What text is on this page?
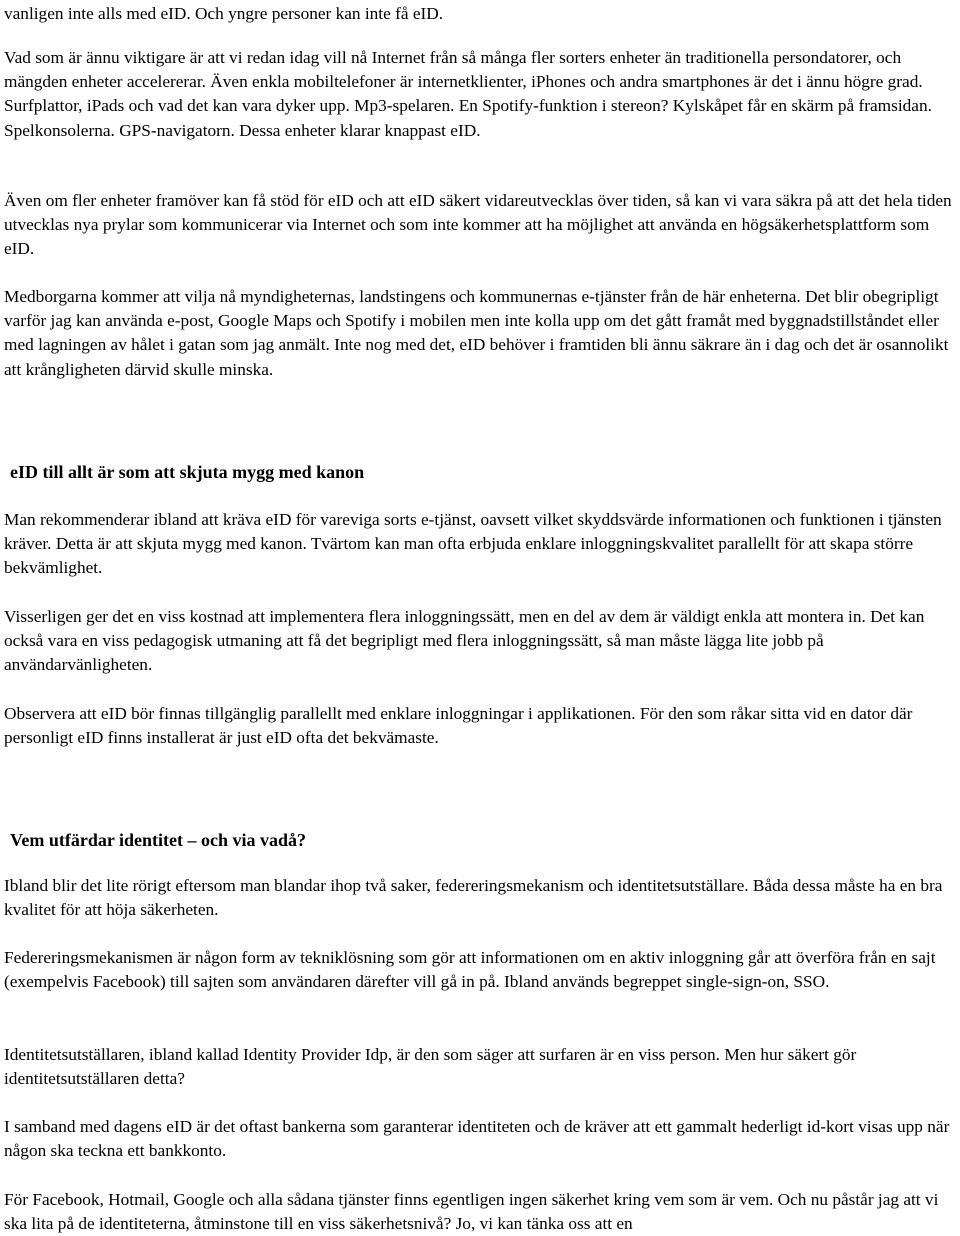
vanligen inte alls med eID. Och yngre personer kan inte få eID.

Vad som är ännu viktigare är att vi redan idag vill nå Internet från så många fler sorters enheter än traditionella persondatorer, och mängden enheter accelererar. Även enkla mobiltelefoner är internetklienter, iPhones och andra smartphones är det i ännu högre grad. Surfplattor, iPads och vad det kan vara dyker upp. Mp3-spelaren. En Spotify-funktion i stereon? Kylskåpet får en skärm på framsidan. Spelkonsolerna. GPS-navigatorn. Dessa enheter klarar knappast eID.

Även om fler enheter framöver kan få stöd för eID och att eID säkert vidareutvecklas över tiden, så kan vi vara säkra på att det hela tiden utvecklas nya prylar som kommunicerar via Internet och som inte kommer att ha möjlighet att använda en högsäkerhetsplattform som eID.

Medborgarna kommer att vilja nå myndigheternas, landstingens och kommunernas e-tjänster från de här enheterna. Det blir obegripligt varför jag kan använda e-post, Google Maps och Spotify i mobilen men inte kolla upp om det gått framåt med byggnadstillståndet eller med lagningen av hålet i gatan som jag anmält. Inte nog med det, eID behöver i framtiden bli ännu säkrare än i dag och det är osannolikt att krångligheten därvid skulle minska.

eID till allt är som att skjuta mygg med kanon

Man rekommenderar ibland att kräva eID för vareviga sorts e-tjänst, oavsett vilket skyddsvärde informationen och funktionen i tjänsten kräver. Detta är att skjuta mygg med kanon. Tvärtom kan man ofta erbjuda enklare inloggningskvalitet parallellt för att skapa större bekvämlighet.

Visserligen ger det en viss kostnad att implementera flera inloggningssätt, men en del av dem är väldigt enkla att montera in. Det kan också vara en viss pedagogisk utmaning att få det begripligt med flera inloggningssätt, så man måste lägga lite jobb på användarvänligheten.

Observera att eID bör finnas tillgänglig parallellt med enklare inloggningar i applikationen. För den som råkar sitta vid en dator där personligt eID finns installerat är just eID ofta det bekvämaste.

Vem utfärdar identitet – och via vadå?

Ibland blir det lite rörigt eftersom man blandar ihop två saker, federeringsmekanism och identitetsutställare. Båda dessa måste ha en bra kvalitet för att höja säkerheten.

Federeringsmekanismen är någon form av tekniklösning som gör att informationen om en aktiv inloggning går att överföra från en sajt (exempelvis Facebook) till sajten som användaren därefter vill gå in på. Ibland används begreppet single-sign-on, SSO.

Identitetsutställaren, ibland kallad Identity Provider Idp, är den som säger att surfaren är en viss person. Men hur säkert gör identitetsutställaren detta?

I samband med dagens eID är det oftast bankerna som garanterar identiteten och de kräver att ett gammalt hederligt id-kort visas upp när någon ska teckna ett bankkonto.

För Facebook, Hotmail, Google och alla sådana tjänster finns egentligen ingen säkerhet kring vem som är vem. Och nu påstår jag att vi ska lita på de identiteterna, åtminstone till en viss säkerhetsnivå? Jo, vi kan tänka oss att en
